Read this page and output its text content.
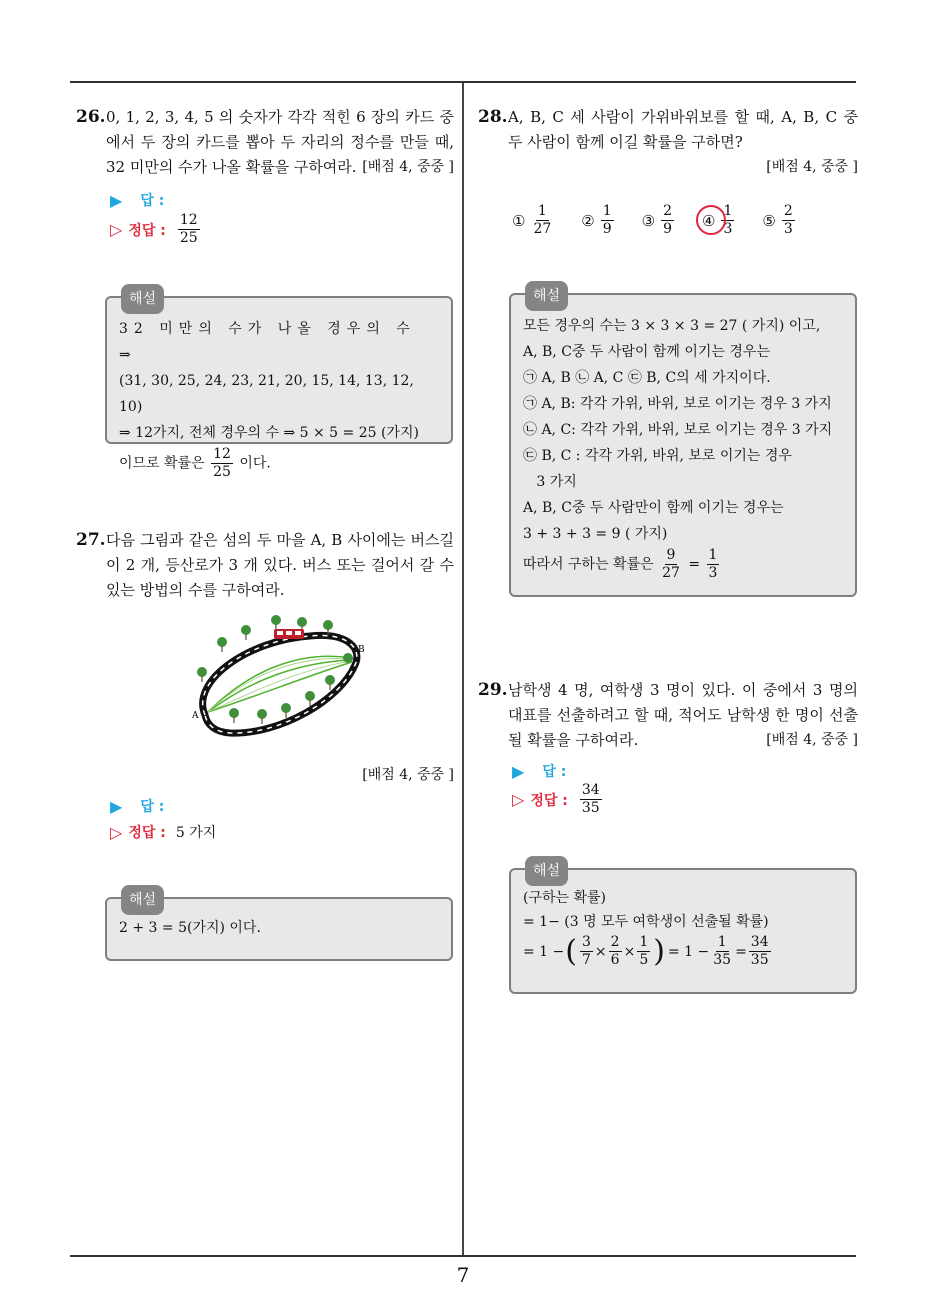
26. 0, 1, 2, 3, 4, 5 의 숫자가 각각 적힌 6 장의 카드 중에서 두 장의 카드를 뽑아 두 자리의 정수를 만들 때, 32 미만의 수가 나올 확률을 구하여라. [배점 4, 중중 ]
▶ 답 :
▷ 정답 : $\frac{12}{25}$
해설
32 미만의 수가 나올 경우의 수 ⇒
(31, 30, 25, 24, 23, 21, 20, 15, 14, 13, 12, 10)
⇒ 12가지, 전체 경우의 수 ⇒ 5 × 5 = 25 (가지)
이므로 확률은 $\frac{12}{25}$ 이다.
27. 다음 그림과 같은 섬의 두 마을 A, B 사이에는 버스길이 2 개, 등산로가 3 개 있다. 버스 또는 걸어서 갈 수 있는 방법의 수를 구하여라.
A
B
[배점 4, 중중 ]
▶ 답 :
▷ 정답 : 5 가지
해설
2 + 3 = 5(가지) 이다.
28. A, B, C 세 사람이 가위바위보를 할 때, A, B, C 중 두 사람이 함께 이길 확률을 구하면?
[배점 4, 중중 ]
① $\frac{1}{27}$ ② $\frac{1}{9}$ ③ $\frac{2}{9}$ ④ $\frac{1}{3}$ ⑤ $\frac{2}{3}$
해설
모든 경우의 수는 3 × 3 × 3 = 27 ( 가지) 이고,
A, B, C중 두 사람이 함께 이기는 경우는
㉠ A, B ㉡ A, C ㉢ B, C의 세 가지이다.
㉠ A, B: 각각 가위, 바위, 보로 이기는 경우 3 가지
㉡ A, C: 각각 가위, 바위, 보로 이기는 경우 3 가지
㉢ B, C : 각각 가위, 바위, 보로 이기는 경우
3 가지
A, B, C중 두 사람만이 함께 이기는 경우는
3 + 3 + 3 = 9 ( 가지)
따라서 구하는 확률은 $\frac{9}{27} = \frac{1}{3}$
29. 남학생 4 명, 여학생 3 명이 있다. 이 중에서 3 명의 대표를 선출하려고 할 때, 적어도 남학생 한 명이 선출될 확률을 구하여라.	[배점 4, 중중 ]
▶ 답 :
▷ 정답 : $\frac{34}{35}$
해설
(구하는 확률)
= 1− (3 명 모두 여학생이 선출될 확률)
= 1 − ( $\frac{3}{7} \times \frac{2}{6} \times \frac{1}{5}$ ) = $1 - \frac{1}{35} = \frac{34}{35}$
7
